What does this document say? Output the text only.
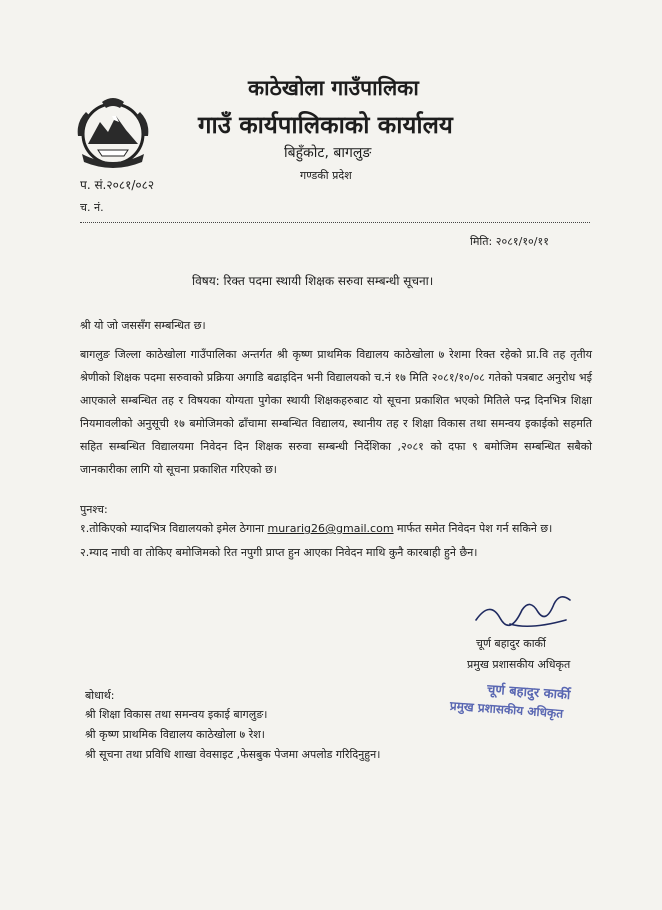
काठेखोला गाउँपालिका
गाउँ कार्यपालिकाको कार्यालय
बिहुँकोट, बागलुङ
गण्डकी प्रदेश
प. सं.२०८१/०८२
च. नं.
मिति: २०८१/१०/११
विषय: रिक्त पदमा स्थायी शिक्षक सरुवा सम्बन्धी सूचना।
श्री यो जो जससँग सम्बन्धित छ।
बागलुङ जिल्ला काठेखोला गाउँपालिका अन्तर्गत श्री कृष्ण प्राथमिक विद्यालय काठेखोला ७ रेशमा रिक्त रहेको प्रा.वि तह तृतीय श्रेणीको शिक्षक पदमा सरुवाको प्रक्रिया अगाडि बढाइदिन भनी विद्यालयको च.नं १७ मिति २०८१/१०/०८ गतेको पत्रबाट अनुरोध भई आएकाले सम्बन्धित तह र विषयका योग्यता पुगेका स्थायी शिक्षकहरुबाट यो सूचना प्रकाशित भएको मितिले पन्द्र दिनभित्र शिक्षा नियमावलीको अनुसूची १७ बमोजिमको ढाँचामा सम्बन्धित विद्यालय, स्थानीय तह र शिक्षा विकास तथा समन्वय इकाईको सहमति सहित सम्बन्धित विद्यालयमा निवेदन दिन शिक्षक सरुवा सम्बन्धी निर्देशिका ,२०८१ को दफा ९ बमोजिम सम्बन्धित सबैको जानकारीका लागि यो सूचना प्रकाशित गरिएको छ।
पुनश्च:
१.तोकिएको म्यादभित्र विद्यालयको इमेल ठेगाना murarig26@gmail.com मार्फत समेत निवेदन पेश गर्न सकिने छ।
२.म्याद नाघी वा तोकिए बमोजिमको रित नपुगी प्राप्त हुन आएका निवेदन माथि कुनै कारबाही हुने छैन।
चूर्ण बहादुर कार्की
प्रमुख प्रशासकीय अधिकृत
चूर्ण बहादुर कार्की
प्रमुख प्रशासकीय अधिकृत
बोधार्थ:
श्री शिक्षा विकास तथा समन्वय इकाई बागलुङ।
श्री कृष्ण प्राथमिक विद्यालय काठेखोला ७ रेश।
श्री सूचना तथा प्रविधि शाखा वेवसाइट ,फेसबुक पेजमा अपलोड गरिदिनुहुन।
